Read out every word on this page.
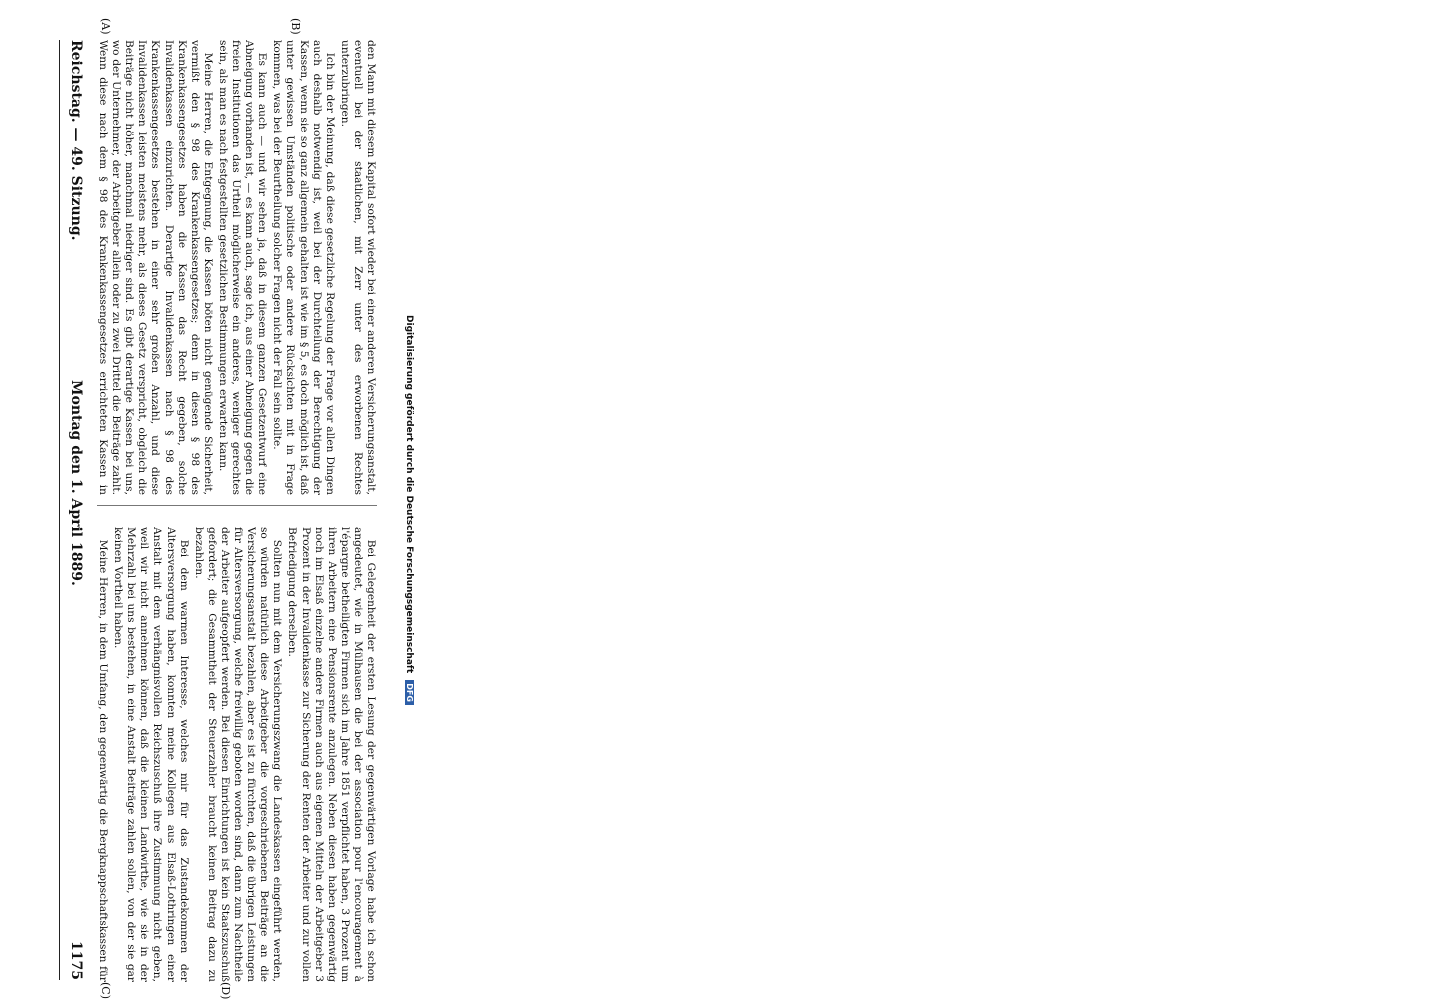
Reichstag. — 49. Sitzung.
Montag den 1. April 1889.
1175

den Mann mit diesem Kapital sofort wieder bei einer anderen Versicherungsanstalt, eventuell bei der staatlichen, mit Zerr unter des erworbenen Rechtes unterzubringen.

Ich bin der Meinung, daß diese gesetzliche Regelung der Frage vor allen Dingen auch deshalb notwendig ist, weil bei der Durchteilung der Berechtigung der Kassen, wenn sie so ganz allgemein gehalten ist wie im § 5, es doch möglich ist, daß unter gewissen Umständen politische oder andere Rücksichten mit in Frage kommen, was bei der Beurtheilung solcher Fragen nicht der Fall sein sollte.

Es kann auch — und wir sehen ja, daß in diesem ganzen Gesetzentwurf eine Abneigung vorhanden ist, — es kann auch, sage ich, aus einer Abneigung gegen die freien Institutionen das Urtheil möglicherweise ein anderes, weniger gerechtes sein, als man es nach festgestellten gesetzlichen Bestimmungen erwarten kann.

Meine Herren, die Entgegnung, die Kassen böten nicht genügende Sicherheit, vermißt den § 98 des Krankenkassengesetzes; denn in diesen § 98 des Krankenkassengesetzes haben die Kassen das Recht gegeben, solche Invalidenkassen einzurichten. Derartige Invalidenkassen nach § 98 des Krankenkassengesetzes bestehen in einer sehr großen Anzahl, und diese Invalidenkassen leisten meistens mehr, als dieses Gesetz verspricht, obgleich die Beiträge nicht höher, manchmal niedriger sind. Es gibt derartige Kassen bei uns, wo der Unternehmer, der Arbeitgeber allein oder zu zwei Drittel die Beiträge zahlt. Wenn diese nach dem § 98 des Krankenkassengesetzes errichteten Kassen in

Bei Gelegenheit der ersten Lesung der gegenwärtigen Vorlage habe ich schon angedeutet, wie in Mülhausen die bei der association pour l'encouragement à l'épargne betheiligten Firmen sich im Jahre 1851 verpflichtet haben, 3 Prozent um ihren Arbeitern eine Pensionsrente anzulegen. Neben diesen haben gegenwärtig noch im Elsaß einzelne andere Firmen auch aus eigenen Mitteln der Arbeitgeber 3 Prozent in der Invalidenkasse zur Sicherung der Renten der Arbeiter und zur vollen Befriedigung derselben.

Sollten nun mit dem Versicherungszwang die Landeskassen eingeführt werden, so würden natürlich diese Arbeitgeber die vorgeschriebenen Beiträge an die Versicherungsanstalt bezahlen, aber es ist zu fürchten, daß die übrigen Leistungen für Altersversorgung, welche freiwillig geboten worden sind, dann zum Nachtheile der Arbeiter aufgeopfert werden. Bei diesen Einrichtungen ist kein Staatszuschuß gefordert; die Gesammtheit der Steuerzahler braucht keinen Beitrag dazu zu bezahlen.

Bei dem warmen Interesse, welches mir für das Zustandekommen der Altersversorgung haben, konnten meine Kollegen aus Elsaß-Lothringen einer Anstalt mit dem verhängnisvollen Reichszuschuß ihre Zustimmung nicht geben, weil wir nicht annehmen können, daß die kleinen Landwirthe, wie sie in der Mehrzahl bei uns bestehen, in eine Anstalt Beiträge zahlen sollen, von der sie gar keinen Vortheil haben.

Meine Herren, in dem Umfang, den gegenwärtig die Bergknappschaftskassen für

(A)	(B)
(C)	(D)
Digitalisierung gefördert durch die Deutsche Forschungsgemeinschaft DFG
